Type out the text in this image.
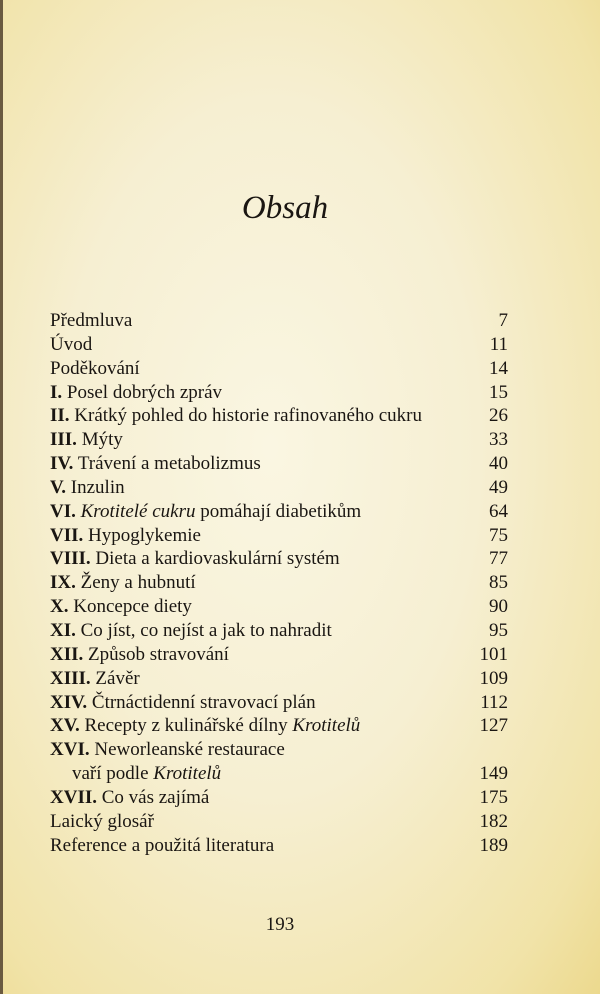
Obsah
Předmluva	7
Úvod	11
Poděkování	14
I. Posel dobrých zpráv	15
II. Krátký pohled do historie rafinovaného cukru	26
III. Mýty	33
IV. Trávení a metabolizmus	40
V. Inzulin	49
VI. Krotitelé cukru pomáhají diabetikům	64
VII. Hypoglykemie	75
VIII. Dieta a kardiovaskulární systém	77
IX. Ženy a hubnutí	85
X. Koncepce diety	90
XI. Co jíst, co nejíst a jak to nahradit	95
XII. Způsob stravování	101
XIII. Závěr	109
XIV. Čtrnáctidenní stravovací plán	112
XV. Recepty z kulinářské dílny Krotitelů	127
XVI. Neworleanské restaurace
vaří podle Krotitelů	149
XVII. Co vás zajímá	175
Laický glosář	182
Reference a použitá literatura	189
193
